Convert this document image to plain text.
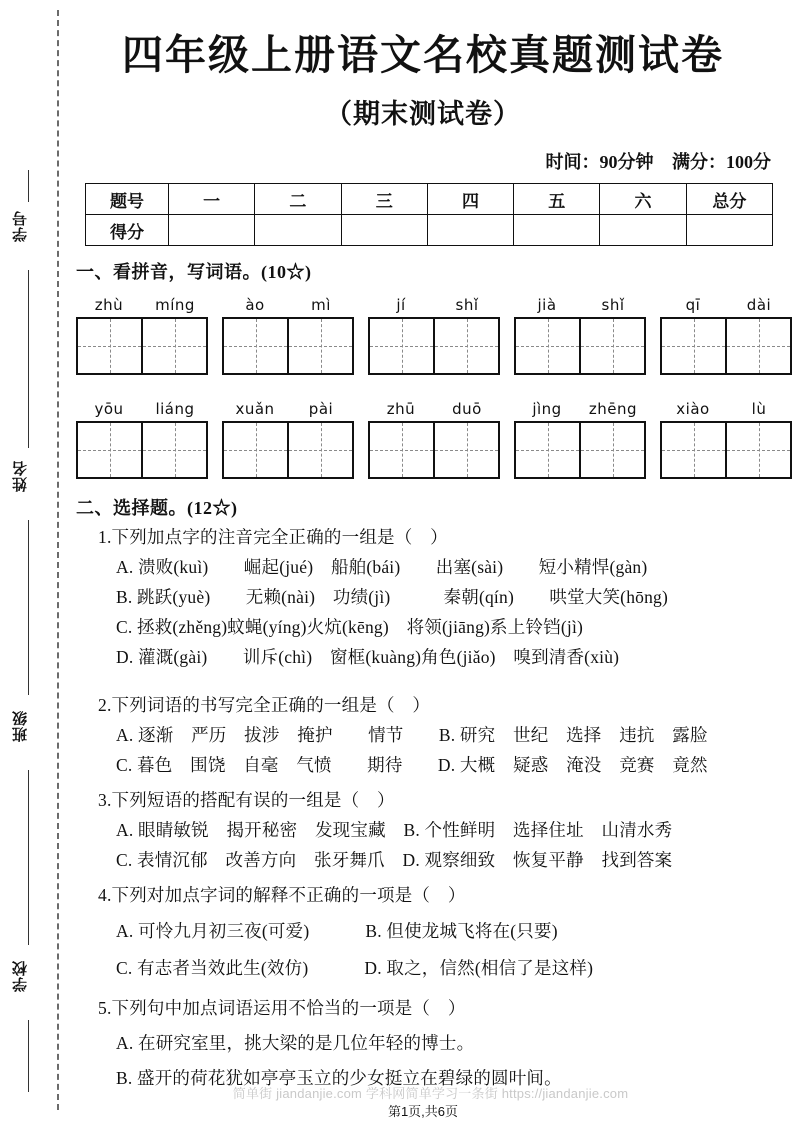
学号
姓名
班级
学校
四年级上册语文名校真题测试卷
（期末测试卷）
时间：90分钟 满分：100分
题号	一	二	三	四	五	六	总分
得分							
一、看拼音，写词语。(10☆)
zhù	míng	ào	mì	jí	shǐ	jià	shǐ	qī	dài
yōu	liáng	xuǎn	pài	zhū	duō	jìng	zhēng	xiào	lù
二、选择题。(12☆)
1.下列加点字的注音完全正确的一组是（　）
A. 溃败(kuì)　　崛起(jué)　船舶(bái)　　出塞(sài)　　短小精悍(gàn)
B. 跳跃(yuè)　　无赖(nài)　功绩(jì)　　　秦朝(qín)　　哄堂大笑(hōng)
C. 拯救(zhěng)蚊蝇(yíng)火炕(kēng)　将领(jiāng)系上铃铛(jì)
D. 灌溉(gài)　　训斥(chì)　窗框(kuàng)角色(jiǎo)　嗅到清香(xiù)
2.下列词语的书写完全正确的一组是（　）
A. 逐渐　严历　拔涉　掩护　　情节　　B. 研究　世纪　选择　违抗　露脸
C. 暮色　围饶　自毫　气愤　　期待　　D. 大概　疑惑　淹没　竞赛　竟然
3.下列短语的搭配有误的一组是（　）
A. 眼睛敏锐　揭开秘密　发现宝藏　B. 个性鲜明　选择住址　山清水秀
C. 表情沉郁　改善方向　张牙舞爪　D. 观察细致　恢复平静　找到答案
4.下列对加点字词的解释不正确的一项是（　）
A. 可怜九月初三夜(可爱)	B. 但使龙城飞将在(只要)
C. 有志者当效此生(效仿)	D. 取之，信然(相信了是这样)
5.下列句中加点词语运用不恰当的一项是（　）
A. 在研究室里，挑大梁的是几位年轻的博士。
B. 盛开的荷花犹如亭亭玉立的少女挺立在碧绿的圆叶间。
简单街 jiandanjie.com 学科网简单学习一条街 https://jiandanjie.com
第1页,共6页
